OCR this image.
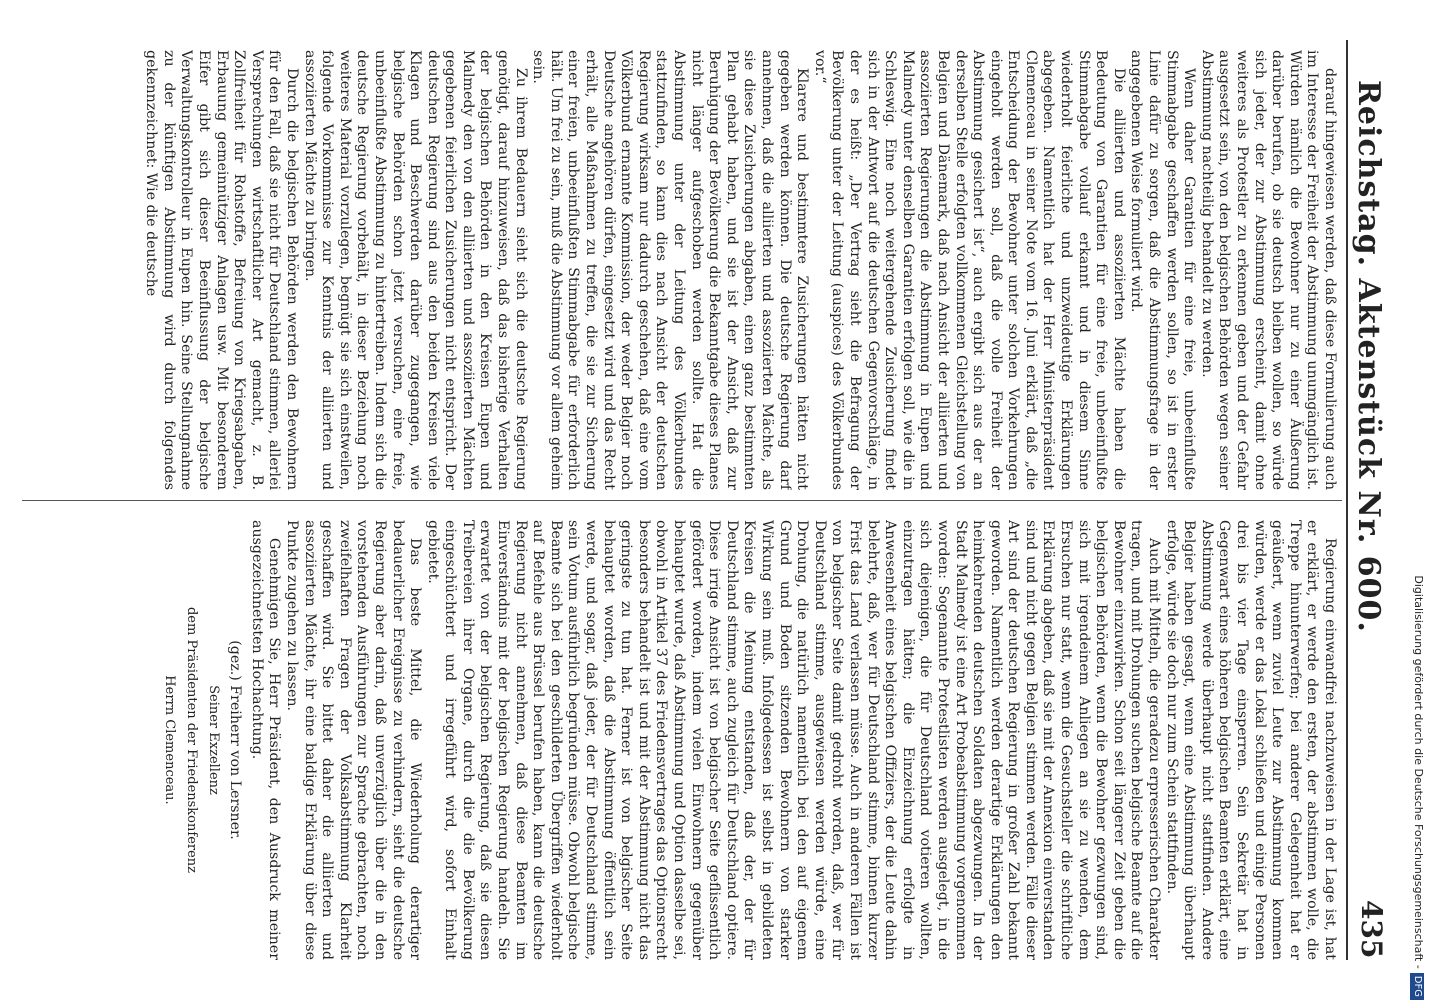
Reichstag. Aktenstück Nr. 600.
435

darauf hingewiesen werden, daß diese Formulierung auch im Interesse der Freiheit der Abstimmung unumgänglich ist. Würden nämlich die Bewohner nur zu einer Äußerung darüber berufen, ob sie deutsch bleiben wollen, so würde sich jeder, der zur Abstimmung erscheint, damit ohne weiteres als Protestler zu erkennen geben und der Gefahr ausgesetzt sein, von den belgischen Behörden wegen seiner Abstimmung nachteilig behandelt zu werden.

Wenn daher Garantien für eine freie, unbeeinflußte Stimmabgabe geschaffen werden sollen, so ist in erster Linie dafür zu sorgen, daß die Abstimmungsfrage in der angegebenen Weise formuliert wird.

Die alliierten und assoziierten Mächte haben die Bedeutung von Garantien für eine freie, unbeeinflußte Stimmabgabe vollauf erkannt und in diesem Sinne wiederholt feierliche und unzweideutige Erklärungen abgegeben. Namentlich hat der Herr Ministerpräsident Clemenceau in seiner Note vom 16. Juni erklärt, daß „die Entscheidung der Bewohner unter solchen Vorkehrungen eingeholt werden soll, daß die volle Freiheit der Abstimmung gesichert ist“, auch ergibt sich aus der an derselben Stelle erfolgten vollkommenen Gleichstellung von Belgien und Dänemark, daß nach Ansicht der alliierten und assoziierten Regierungen die Abstimmung in Eupen und Malmedy unter denselben Garantien erfolgen soll, wie die in Schleswig. Eine noch weitergehende Zusicherung findet sich in der Antwort auf die deutschen Gegenvorschläge, in der es heißt: „Der Vertrag sieht die Befragung der Bevölkerung unter der Leitung (auspices) des Völkerbundes vor.“

Klarere und bestimmtere Zusicherungen hätten nicht gegeben werden können. Die deutsche Regierung darf annehmen, daß die alliierten und assoziierten Mächte, als sie diese Zusicherungen abgaben, einen ganz bestimmten Plan gehabt haben, und sie ist der Ansicht, daß zur Beruhigung der Bevölkerung die Bekanntgabe dieses Planes nicht länger aufgeschoben werden sollte. Hat die Abstimmung unter der Leitung des Völkerbundes stattzufinden, so kann dies nach Ansicht der deutschen Regierung wirksam nur dadurch geschehen, daß eine vom Völkerbund ernannte Kommission, der weder Belgier noch Deutsche angehören dürfen, eingesetzt wird und das Recht erhält, alle Maßnahmen zu treffen, die sie zur Sicherung einer freien, unbeeinflußten Stimmabgabe für erforderlich hält. Um frei zu sein, muß die Abstimmung vor allem geheim sein.

Zu ihrem Bedauern sieht sich die deutsche Regierung genötigt, darauf hinzuweisen, daß das bisherige Verhalten der belgischen Behörden in den Kreisen Eupen und Malmedy den von den alliierten und assoziierten Mächten gegebenen feierlichen Zusicherungen nicht entspricht. Der deutschen Regierung sind aus den beiden Kreisen viele Klagen und Beschwerden darüber zugegangen, wie belgische Behörden schon jetzt versuchen, eine freie, unbeeinflußte Abstimmung zu hintertreiben. Indem sich die deutsche Regierung vorbehält, in dieser Beziehung noch weiteres Material vorzulegen, begnügt sie sich einstweilen, folgende Vorkommnisse zur Kenntnis der alliierten und assoziierten Mächte zu bringen.

Durch die belgischen Behörden werden den Bewohnern für den Fall, daß sie nicht für Deutschland stimmen, allerlei Versprechungen wirtschaftlicher Art gemacht, z. B. Zollfreiheit für Rohstoffe, Befreiung von Kriegsabgaben, Erbauung gemeinnütziger Anlagen usw. Mit besonderem Eifer gibt sich dieser Beeinflussung der belgische Verwaltungskontrolleur in Eupen hin. Seine Stellungnahme zu der künftigen Abstimmung wird durch folgendes gekennzeichnet: Wie die deutsche

Regierung einwandfrei nachzuweisen in der Lage ist, hat er erklärt, er werde den ersten, der abstimmen wolle, die Treppe hinunterwerfen; bei anderer Gelegenheit hat er geäußert, wenn zuviel Leute zur Abstimmung kommen würden, werde er das Lokal schließen und einige Personen drei bis vier Tage einsperren. Sein Sekretär hat in Gegenwart eines höheren belgischen Beamten erklärt, eine Abstimmung werde überhaupt nicht stattfinden. Andere Belgier haben gesagt, wenn eine Abstimmung überhaupt erfolge, würde sie doch nur zum Schein stattfinden.

Auch mit Mitteln, die geradezu erpresserischen Charakter tragen, und mit Drohungen suchen belgische Beamte auf die Bewohner einzuwirken. Schon seit längerer Zeit geben die belgischen Behörden, wenn die Bewohner gezwungen sind, sich mit irgendeinem Anliegen an sie zu wenden, dem Ersuchen nur statt, wenn die Gesuchsteller die schriftliche Erklärung abgeben, daß sie mit der Annexion einverstanden sind und nicht gegen Belgien stimmen werden. Fälle dieser Art sind der deutschen Regierung in großer Zahl bekannt geworden. Namentlich werden derartige Erklärungen den heimkehrenden deutschen Soldaten abgezwungen. In der Stadt Malmedy ist eine Art Probeabstimmung vorgenommen worden: Sogenannte Protestlisten werden ausgelegt, in die sich diejenigen, die für Deutschland votieren wollten, einzutragen hätten; die Einzeichnung erfolgte in Anwesenheit eines belgischen Offiziers, der die Leute dahin belehrte, daß, wer für Deutschland stimme, binnen kurzer Frist das Land verlassen müsse. Auch in anderen Fällen ist von belgischer Seite damit gedroht worden, daß, wer für Deutschland stimme, ausgewiesen werden würde, eine Drohung, die natürlich namentlich bei den auf eigenem Grund und Boden sitzenden Bewohnern von starker Wirkung sein muß. Infolgedessen ist selbst in gebildeten Kreisen die Meinung entstanden, daß der, der für Deutschland stimme, auch zugleich für Deutschland optiere. Diese irrige Ansicht ist von belgischer Seite geflissentlich gefördert worden, indem vielen Einwohnern gegenüber behauptet wurde, daß Abstimmung und Option dasselbe sei, obwohl in Artikel 37 des Friedensvertrages das Optionsrecht besonders behandelt ist und mit der Abstimmung nicht das geringste zu tun hat. Ferner ist von belgischer Seite behauptet worden, daß die Abstimmung öffentlich sein werde, und sogar, daß jeder, der für Deutschland stimme, sein Votum ausführlich begründen müsse. Obwohl belgische Beamte sich bei den geschilderten Übergriffen wiederholt auf Befehle aus Brüssel berufen haben, kann die deutsche Regierung nicht annehmen, daß diese Beamten im Einverständnis mit der belgischen Regierung handeln. Sie erwartet von der belgischen Regierung, daß sie diesen Treibereien ihrer Organe, durch die die Bevölkerung eingeschüchtert und irregeführt wird, sofort Einhalt gebietet.

Das beste Mittel, die Wiederholung derartiger bedauerlicher Ereignisse zu verhindern, sieht die deutsche Regierung aber darin, daß unverzüglich über die in den vorstehenden Ausführungen zur Sprache gebrachten, noch zweifelhaften Fragen der Volksabstimmung Klarheit geschaffen wird. Sie bittet daher die alliierten und assoziierten Mächte, ihr eine baldige Erklärung über diese Punkte zugehen zu lassen.

Genehmigen Sie, Herr Präsident, den Ausdruck meiner ausgezeichnetsten Hochachtung.

(gez.) Freiherr von Lersner.

Seiner Exzellenz

dem Präsidenten der Friedenskonferenz

Herrn Clemenceau.	Digitalisierung gefördert durch die Deutsche Forschungsgemeinschaft -DFG
